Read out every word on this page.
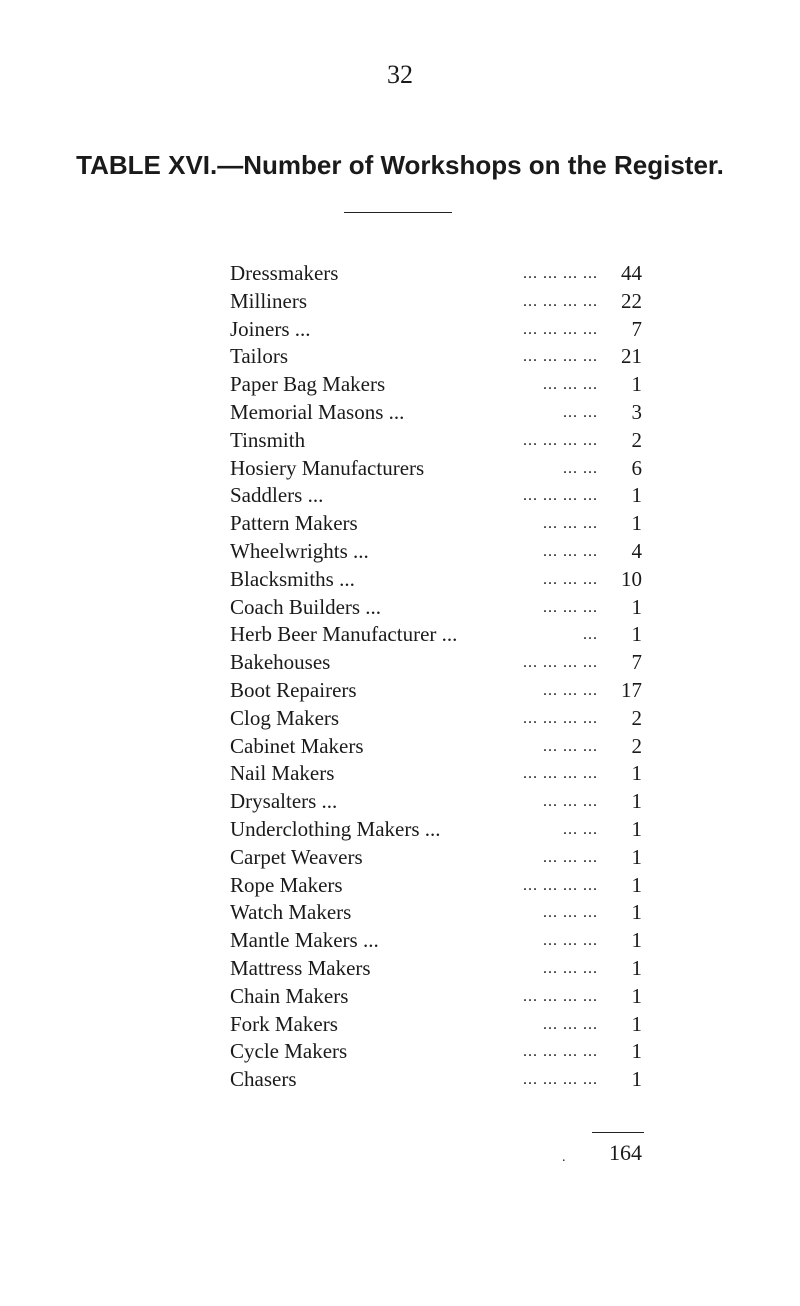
32
TABLE XVI.—Number of Workshops on the Register.
Dressmakers	... ... ... ...	44
Milliners	... ... ... ...	22
Joiners ...	... ... ... ...	7
Tailors	... ... ... ...	21
Paper Bag Makers	... ... ...	1
Memorial Masons ...	... ...	3
Tinsmith	... ... ... ...	2
Hosiery Manufacturers	... ...	6
Saddlers ...	... ... ... ...	1
Pattern Makers	... ... ...	1
Wheelwrights ...	... ... ...	4
Blacksmiths ...	... ... ...	10
Coach Builders ...	... ... ...	1
Herb Beer Manufacturer ...	...	1
Bakehouses	... ... ... ...	7
Boot Repairers	... ... ...	17
Clog Makers	... ... ... ...	2
Cabinet Makers	... ... ...	2
Nail Makers	... ... ... ...	1
Drysalters ...	... ... ...	1
Underclothing Makers ...	... ...	1
Carpet Weavers	... ... ...	1
Rope Makers	... ... ... ...	1
Watch Makers	... ... ...	1
Mantle Makers ...	... ... ...	1
Mattress Makers	... ... ...	1
Chain Makers	... ... ... ...	1
Fork Makers	... ... ...	1
Cycle Makers	... ... ... ...	1
Chasers	... ... ... ...	1
.	164
